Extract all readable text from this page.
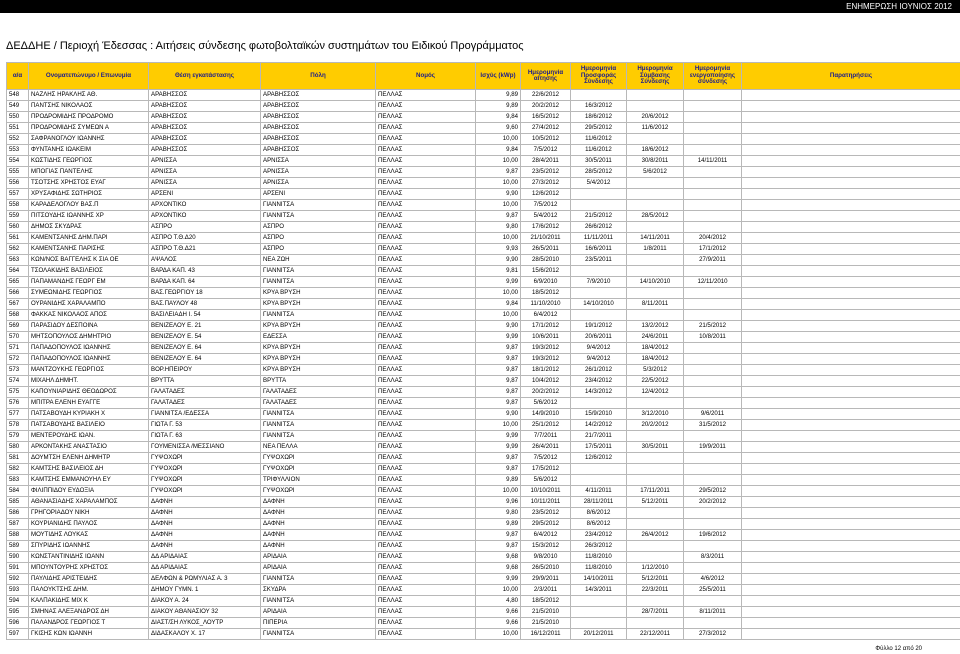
ΕΝΗΜΕΡΩΣΗ ΙΟΥΝΙΟΣ 2012
ΔΕΔΔΗΕ / Περιοχή Έδεσσας : Αιτήσεις σύνδεσης φωτοβολταϊκών συστημάτων του Ειδικού Προγράμματος
α/α	Ονοματεπώνυμο / Επωνυμία	Θέση εγκατάστασης	Πόλη	Νομός	Ισχύς (kWp)	Ημερομηνία αίτησης	Ημερομηνία Προσφοράς Σύνδεσης	Ημερομηνία Σύμβασης Σύνδεσης	Ημερομηνία ενεργοποίησης σύνδεσης	Παρατηρήσεις
548	ΝΑΖΛΗΣ ΗΡΑΚΛΗΣ ΑΘ.	ΑΡΑΒΗΣΣΟΣ	ΑΡΑΒΗΣΣΟΣ	ΠΕΛΛΑΣ	9,89	22/6/2012				
549	ΠΑΝΤΣΗΣ ΝΙΚΟΛΑΟΣ	ΑΡΑΒΗΣΣΟΣ	ΑΡΑΒΗΣΣΟΣ	ΠΕΛΛΑΣ	9,89	20/2/2012	16/3/2012			
550	ΠΡΟΔΡΟΜΙΔΗΣ ΠΡΟΔΡΟΜΟ	ΑΡΑΒΗΣΣΟΣ	ΑΡΑΒΗΣΣΟΣ	ΠΕΛΛΑΣ	9,84	16/5/2012	18/6/2012	20/6/2012		
551	ΠΡΟΔΡΟΜΙΔΗΣ ΣΥΜΕΩΝ Α	ΑΡΑΒΗΣΣΟΣ	ΑΡΑΒΗΣΣΟΣ	ΠΕΛΛΑΣ	9,60	27/4/2012	29/5/2012	11/6/2012		
552	ΣΑΦΡΑΝΟΓΛΟΥ ΙΩΑΝΝΗΣ	ΑΡΑΒΗΣΣΟΣ	ΑΡΑΒΗΣΣΟΣ	ΠΕΛΛΑΣ	10,00	10/5/2012	11/6/2012			
553	ΦΥΝΤΑΝΗΣ ΙΩΑΚΕΙΜ	ΑΡΑΒΗΣΣΟΣ	ΑΡΑΒΗΣΣΟΣ	ΠΕΛΛΑΣ	9,84	7/5/2012	11/6/2012	18/6/2012		
554	ΚΩΣΤΙΔΗΣ ΓΕΩΡΓΙΟΣ	ΑΡΝΙΣΣΑ	ΑΡΝΙΣΣΑ	ΠΕΛΛΑΣ	10,00	28/4/2011	30/5/2011	30/8/2011	14/11/2011	
555	ΜΠΟΓΙΑΣ ΠΑΝΤΕΛΗΣ	ΑΡΝΙΣΣΑ	ΑΡΝΙΣΣΑ	ΠΕΛΛΑΣ	9,87	23/5/2012	28/5/2012	5/6/2012		
556	ΤΣΟΤΣΗΣ ΧΡΗΣΤΟΣ ΕΥΑΓ	ΑΡΝΙΣΣΑ	ΑΡΝΙΣΣΑ	ΠΕΛΛΑΣ	10,00	27/3/2012	5/4/2012			
557	ΧΡΥΣΑΦΙΔΗΣ ΣΩΤΗΡΙΟΣ	ΑΡΣΕΝΙ	ΑΡΣΕΝΙ	ΠΕΛΛΑΣ	9,90	12/6/2012				
558	ΚΑΡΑΔΕΛΟΓΛΟΥ ΒΑΣ.Π	ΑΡΧΟΝΤΙΚΟ	ΓΙΑΝΝΙΤΣΑ	ΠΕΛΛΑΣ	10,00	7/5/2012				
559	ΠΙΤΣΟΥΔΗΣ ΙΩΑΝΝΗΣ ΧΡ	ΑΡΧΟΝΤΙΚΟ	ΓΙΑΝΝΙΤΣΑ	ΠΕΛΛΑΣ	9,87	5/4/2012	21/5/2012	28/5/2012		
560	ΔΗΜΟΣ ΣΚΥΔΡΑΣ	ΑΣΠΡΟ	ΑΣΠΡΟ	ΠΕΛΛΑΣ	9,80	17/6/2012	26/6/2012			
561	ΚΑΜΕΝΤΣΑΝΗΣ ΔΗΜ.ΠΑΡΙ	ΑΣΠΡΟ Τ.Θ.Δ20	ΑΣΠΡΟ	ΠΕΛΛΑΣ	10,00	21/10/2011	11/11/2011	14/11/2011	20/4/2012	
562	ΚΑΜΕΝΤΣΑΝΗΣ ΠΑΡΙΣΗΣ	ΑΣΠΡΟ Τ.Θ.Δ21	ΑΣΠΡΟ	ΠΕΛΛΑΣ	9,93	26/5/2011	16/6/2011	1/8/2011	17/1/2012	
563	ΚΩΝ/ΝΟΣ ΒΑΓΓΕΛΗΣ Κ ΣΙΑ ΟΕ	ΑΨΑΛΟΣ	ΝΕΑ ΖΩΗ	ΠΕΛΛΑΣ	9,90	28/5/2010	23/5/2011		27/9/2011	
564	ΤΣΟΛΑΚΙΔΗΣ ΒΑΣΙΛΕΙΟΣ	ΒΑΡΔΑ ΚΑΠ. 43	ΓΙΑΝΝΙΤΣΑ	ΠΕΛΛΑΣ	9,81	15/6/2012				
565	ΠΑΠΑΜΑΝΔΗΣ ΓΕΩΡΓ ΕΜ	ΒΑΡΔΑ ΚΑΠ. 64	ΓΙΑΝΝΙΤΣΑ	ΠΕΛΛΑΣ	9,99	6/9/2010	7/9/2010	14/10/2010	12/11/2010	
566	ΣΥΜΕΩΝΙΔΗΣ ΓΕΩΡΓΙΟΣ	ΒΑΣ.ΓΕΩΡΓΙΟΥ 18	ΚΡΥΑ ΒΡΥΣΗ	ΠΕΛΛΑΣ	10,00	18/5/2012				
567	ΟΥΡΑΝΙΔΗΣ ΧΑΡΑΛΑΜΠΟ	ΒΑΣ.ΠΑΥΛΟΥ 48	ΚΡΥΑ ΒΡΥΣΗ	ΠΕΛΛΑΣ	9,84	11/10/2010	14/10/2010	8/11/2011		
568	ΦΑΚΚΑΣ ΝΙΚΟΛΑΟΣ ΑΠΟΣ	ΒΑΣΙΛΕΙΑΔΗ Ι. 54	ΓΙΑΝΝΙΤΣΑ	ΠΕΛΛΑΣ	10,00	6/4/2012				
569	ΠΑΡΑΣΙΔΟΥ ΔΕΣΠΟΙΝΑ	ΒΕΝΙΖΕΛΟΥ Ε. 21	ΚΡΥΑ ΒΡΥΣΗ	ΠΕΛΛΑΣ	9,90	17/1/2012	19/1/2012	13/2/2012	21/5/2012	
570	ΜΗΤΣΟΠΟΥΛΟΣ ΔΗΜΗΤΡΙΟ	ΒΕΝΙΖΕΛΟΥ Ε. 54	ΕΔΕΣΣΑ	ΠΕΛΛΑΣ	9,99	10/6/2011	20/6/2011	24/6/2011	10/8/2011	
571	ΠΑΠΑΔΟΠΟΥΛΟΣ ΙΩΑΝΝΗΣ	ΒΕΝΙΖΕΛΟΥ Ε. 64	ΚΡΥΑ ΒΡΥΣΗ	ΠΕΛΛΑΣ	9,87	19/3/2012	9/4/2012	18/4/2012		
572	ΠΑΠΑΔΟΠΟΥΛΟΣ ΙΩΑΝΝΗΣ	ΒΕΝΙΖΕΛΟΥ Ε. 64	ΚΡΥΑ ΒΡΥΣΗ	ΠΕΛΛΑΣ	9,87	19/3/2012	9/4/2012	18/4/2012		
573	ΜΑΝΤΖΟΥΚΗΣ ΓΕΩΡΓΙΟΣ	ΒΟΡ.ΗΠΕΙΡΟΥ	ΚΡΥΑ ΒΡΥΣΗ	ΠΕΛΛΑΣ	9,87	18/1/2012	26/1/2012	5/3/2012		
574	ΜΙΧΑΗΛ ΔΗΜΗΤ.	ΒΡΥΤΤΑ	ΒΡΥΤΤΑ	ΠΕΛΛΑΣ	9,87	10/4/2012	23/4/2012	22/5/2012		
575	ΚΑΠΟΥΝΙΑΡΙΔΗΣ ΘΕΟΔΩΡΟΣ	ΓΑΛΑΤΑΔΕΣ	ΓΑΛΑΤΑΔΕΣ	ΠΕΛΛΑΣ	9,87	20/2/2012	14/3/2012	12/4/2012		
576	ΜΠΙΤΡΑ ΕΛΕΝΗ ΕΥΑΓΓΕ	ΓΑΛΑΤΑΔΕΣ	ΓΑΛΑΤΑΔΕΣ	ΠΕΛΛΑΣ	9,87	5/6/2012				
577	ΠΑΤΣΑΒΟΥΔΗ ΚΥΡΙΑΚΗ Χ	ΓΙΑΝΝΙΤΣΑ /ΕΔΕΣΣΑ	ΓΙΑΝΝΙΤΣΑ	ΠΕΛΛΑΣ	9,90	14/9/2010	15/9/2010	3/12/2010	9/6/2011	
578	ΠΑΤΣΑΒΟΥΔΗΣ ΒΑΣΙΛΕΙΟ	ΓΙΩΤΑ Γ. 53	ΓΙΑΝΝΙΤΣΑ	ΠΕΛΛΑΣ	10,00	25/1/2012	14/2/2012	20/2/2012	31/5/2012	
579	ΜΕΝΤΕΡΟΥΔΗΣ ΙΩΑΝ.	ΓΙΩΤΑ Γ. 63	ΓΙΑΝΝΙΤΣΑ	ΠΕΛΛΑΣ	9,99	7/7/2011	21/7/2011			
580	ΑΡΚΟΝΤΑΚΗΣ ΑΝΑΣΤΑΣΙΟ	ΓΟΥΜΕΝΙΣΣΑ /ΜΕΣΣΙΑΝΟ	ΝΕΑ ΠΕΛΛΑ	ΠΕΛΛΑΣ	9,99	26/4/2011	17/5/2011	30/5/2011	19/9/2011	
581	ΔΟΥΜΤΣΗ ΕΛΕΝΗ ΔΗΜΗΤΡ	ΓΥΨΟΧΩΡΙ	ΓΥΨΟΧΩΡΙ	ΠΕΛΛΑΣ	9,87	7/5/2012	12/6/2012			
582	ΚΑΜΤΣΗΣ ΒΑΣΙΛΕΙΟΣ ΔΗ	ΓΥΨΟΧΩΡΙ	ΓΥΨΟΧΩΡΙ	ΠΕΛΛΑΣ	9,87	17/5/2012				
583	ΚΑΜΤΣΗΣ ΕΜΜΑΝΟΥΗΛ ΕΥ	ΓΥΨΟΧΩΡΙ	ΤΡΙΦΥΛΛΙΟΝ	ΠΕΛΛΑΣ	9,89	5/6/2012				
584	ΦΙΛΙΠΠΙΔΟΥ ΕΥΔΟΞΙΑ	ΓΥΨΟΧΩΡΙ	ΓΥΨΟΧΩΡΙ	ΠΕΛΛΑΣ	10,00	10/10/2011	4/11/2011	17/11/2011	29/5/2012	
585	ΑΘΑΝΑΣΙΑΔΗΣ ΧΑΡΑΛΑΜΠΟΣ	ΔΑΦΝΗ	ΔΑΦΝΗ	ΠΕΛΛΑΣ	9,96	10/11/2011	28/11/2011	5/12/2011	20/2/2012	
586	ΓΡΗΓΟΡΙΑΔΟΥ ΝΙΚΗ	ΔΑΦΝΗ	ΔΑΦΝΗ	ΠΕΛΛΑΣ	9,80	23/5/2012	8/6/2012			
587	ΚΟΥΡΙΑΝΙΔΗΣ ΠΑΥΛΟΣ	ΔΑΦΝΗ	ΔΑΦΝΗ	ΠΕΛΛΑΣ	9,89	29/5/2012	8/6/2012			
588	ΜΟΥΤΙΔΗΣ ΛΟΥΚΑΣ	ΔΑΦΝΗ	ΔΑΦΝΗ	ΠΕΛΛΑΣ	9,87	6/4/2012	23/4/2012	26/4/2012	19/6/2012	
589	ΣΠΥΡΙΔΗΣ ΙΩΑΝΝΗΣ	ΔΑΦΝΗ	ΔΑΦΝΗ	ΠΕΛΛΑΣ	9,87	15/3/2012	26/3/2012			
590	ΚΩΝΣΤΑΝΤΙΝΙΔΗΣ ΙΩΑΝΝ	ΔΔ ΑΡΙΔΑΙΑΣ	ΑΡΙΔΑΙΑ	ΠΕΛΛΑΣ	9,68	9/8/2010	11/8/2010		8/3/2011	
591	ΜΠΟΥΝΤΟΥΡΗΣ ΧΡΗΣΤΟΣ	ΔΔ ΑΡΙΔΑΙΑΣ	ΑΡΙΔΑΙΑ	ΠΕΛΛΑΣ	9,68	26/5/2010	11/8/2010	1/12/2010		
592	ΠΑΥΛΙΔΗΣ ΑΡΙΣΤΕΙΔΗΣ	ΔΕΛΦΩΝ & ΡΩΜΥΛΙΑΣ Α. 3	ΓΙΑΝΝΙΤΣΑ	ΠΕΛΛΑΣ	9,99	29/9/2011	14/10/2011	5/12/2011	4/6/2012	
593	ΠΑΛΟΥΚΤΣΗΣ ΔΗΜ.	ΔΗΜΟΥ ΓΥΜΝ. 1	ΣΚΥΔΡΑ	ΠΕΛΛΑΣ	10,00	2/3/2011	14/3/2011	22/3/2011	25/5/2011	
594	ΚΑΛΠΑΚΙΔΗΣ ΜΙΧ Κ	ΔΙΑΚΟΥ Α. 24	ΓΙΑΝΝΙΤΣΑ	ΠΕΛΛΑΣ	4,80	18/5/2012				
595	ΣΜΗΝΑΣ ΑΛΕΞΑΝΔΡΟΣ ΔΗ	ΔΙΑΚΟΥ ΑΘΑΝΑΣΙΟΥ 32	ΑΡΙΔΑΙΑ	ΠΕΛΛΑΣ	9,66	21/5/2010		28/7/2011	8/11/2011	
596	ΠΑΛΑΝΔΡΟΣ ΓΕΩΡΓΙΟΣ Τ	ΔΙΑΣΤ/ΣΗ ΛΥΚΟΣ_ΛΟΥΤΡ	ΠΙΠΕΡΙΑ	ΠΕΛΛΑΣ	9,66	21/5/2010				
597	ΓΚΙΣΗΣ ΚΩΝ ΙΩΑΝΝΗ	ΔΙΔΑΣΚΑΛΟΥ Χ. 17	ΓΙΑΝΝΙΤΣΑ	ΠΕΛΛΑΣ	10,00	16/12/2011	20/12/2011	22/12/2011	27/3/2012	
Φύλλο 12 από 20
